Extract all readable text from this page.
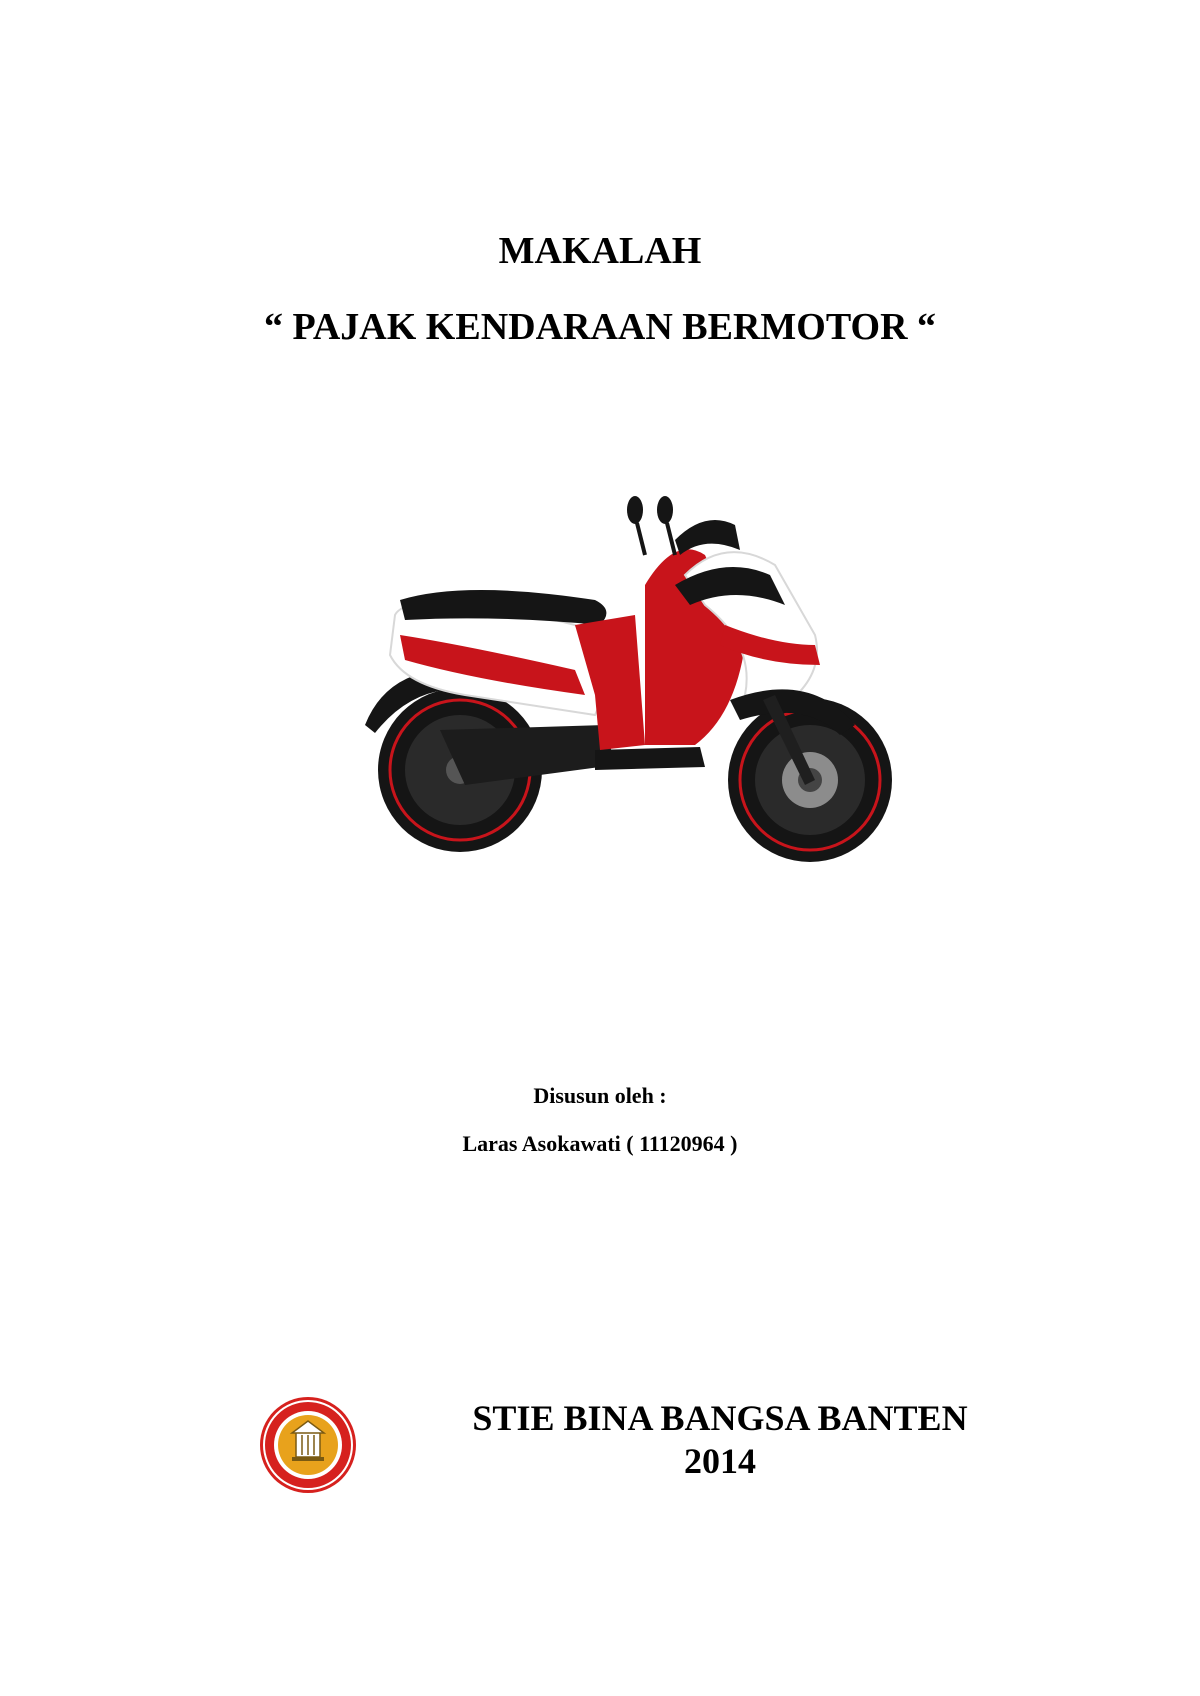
MAKALAH
“ PAJAK KENDARAAN BERMOTOR “

Disusun oleh :

Laras Asokawati ( 11120964 )

STIE BINA BANGSA BANTEN

2014
